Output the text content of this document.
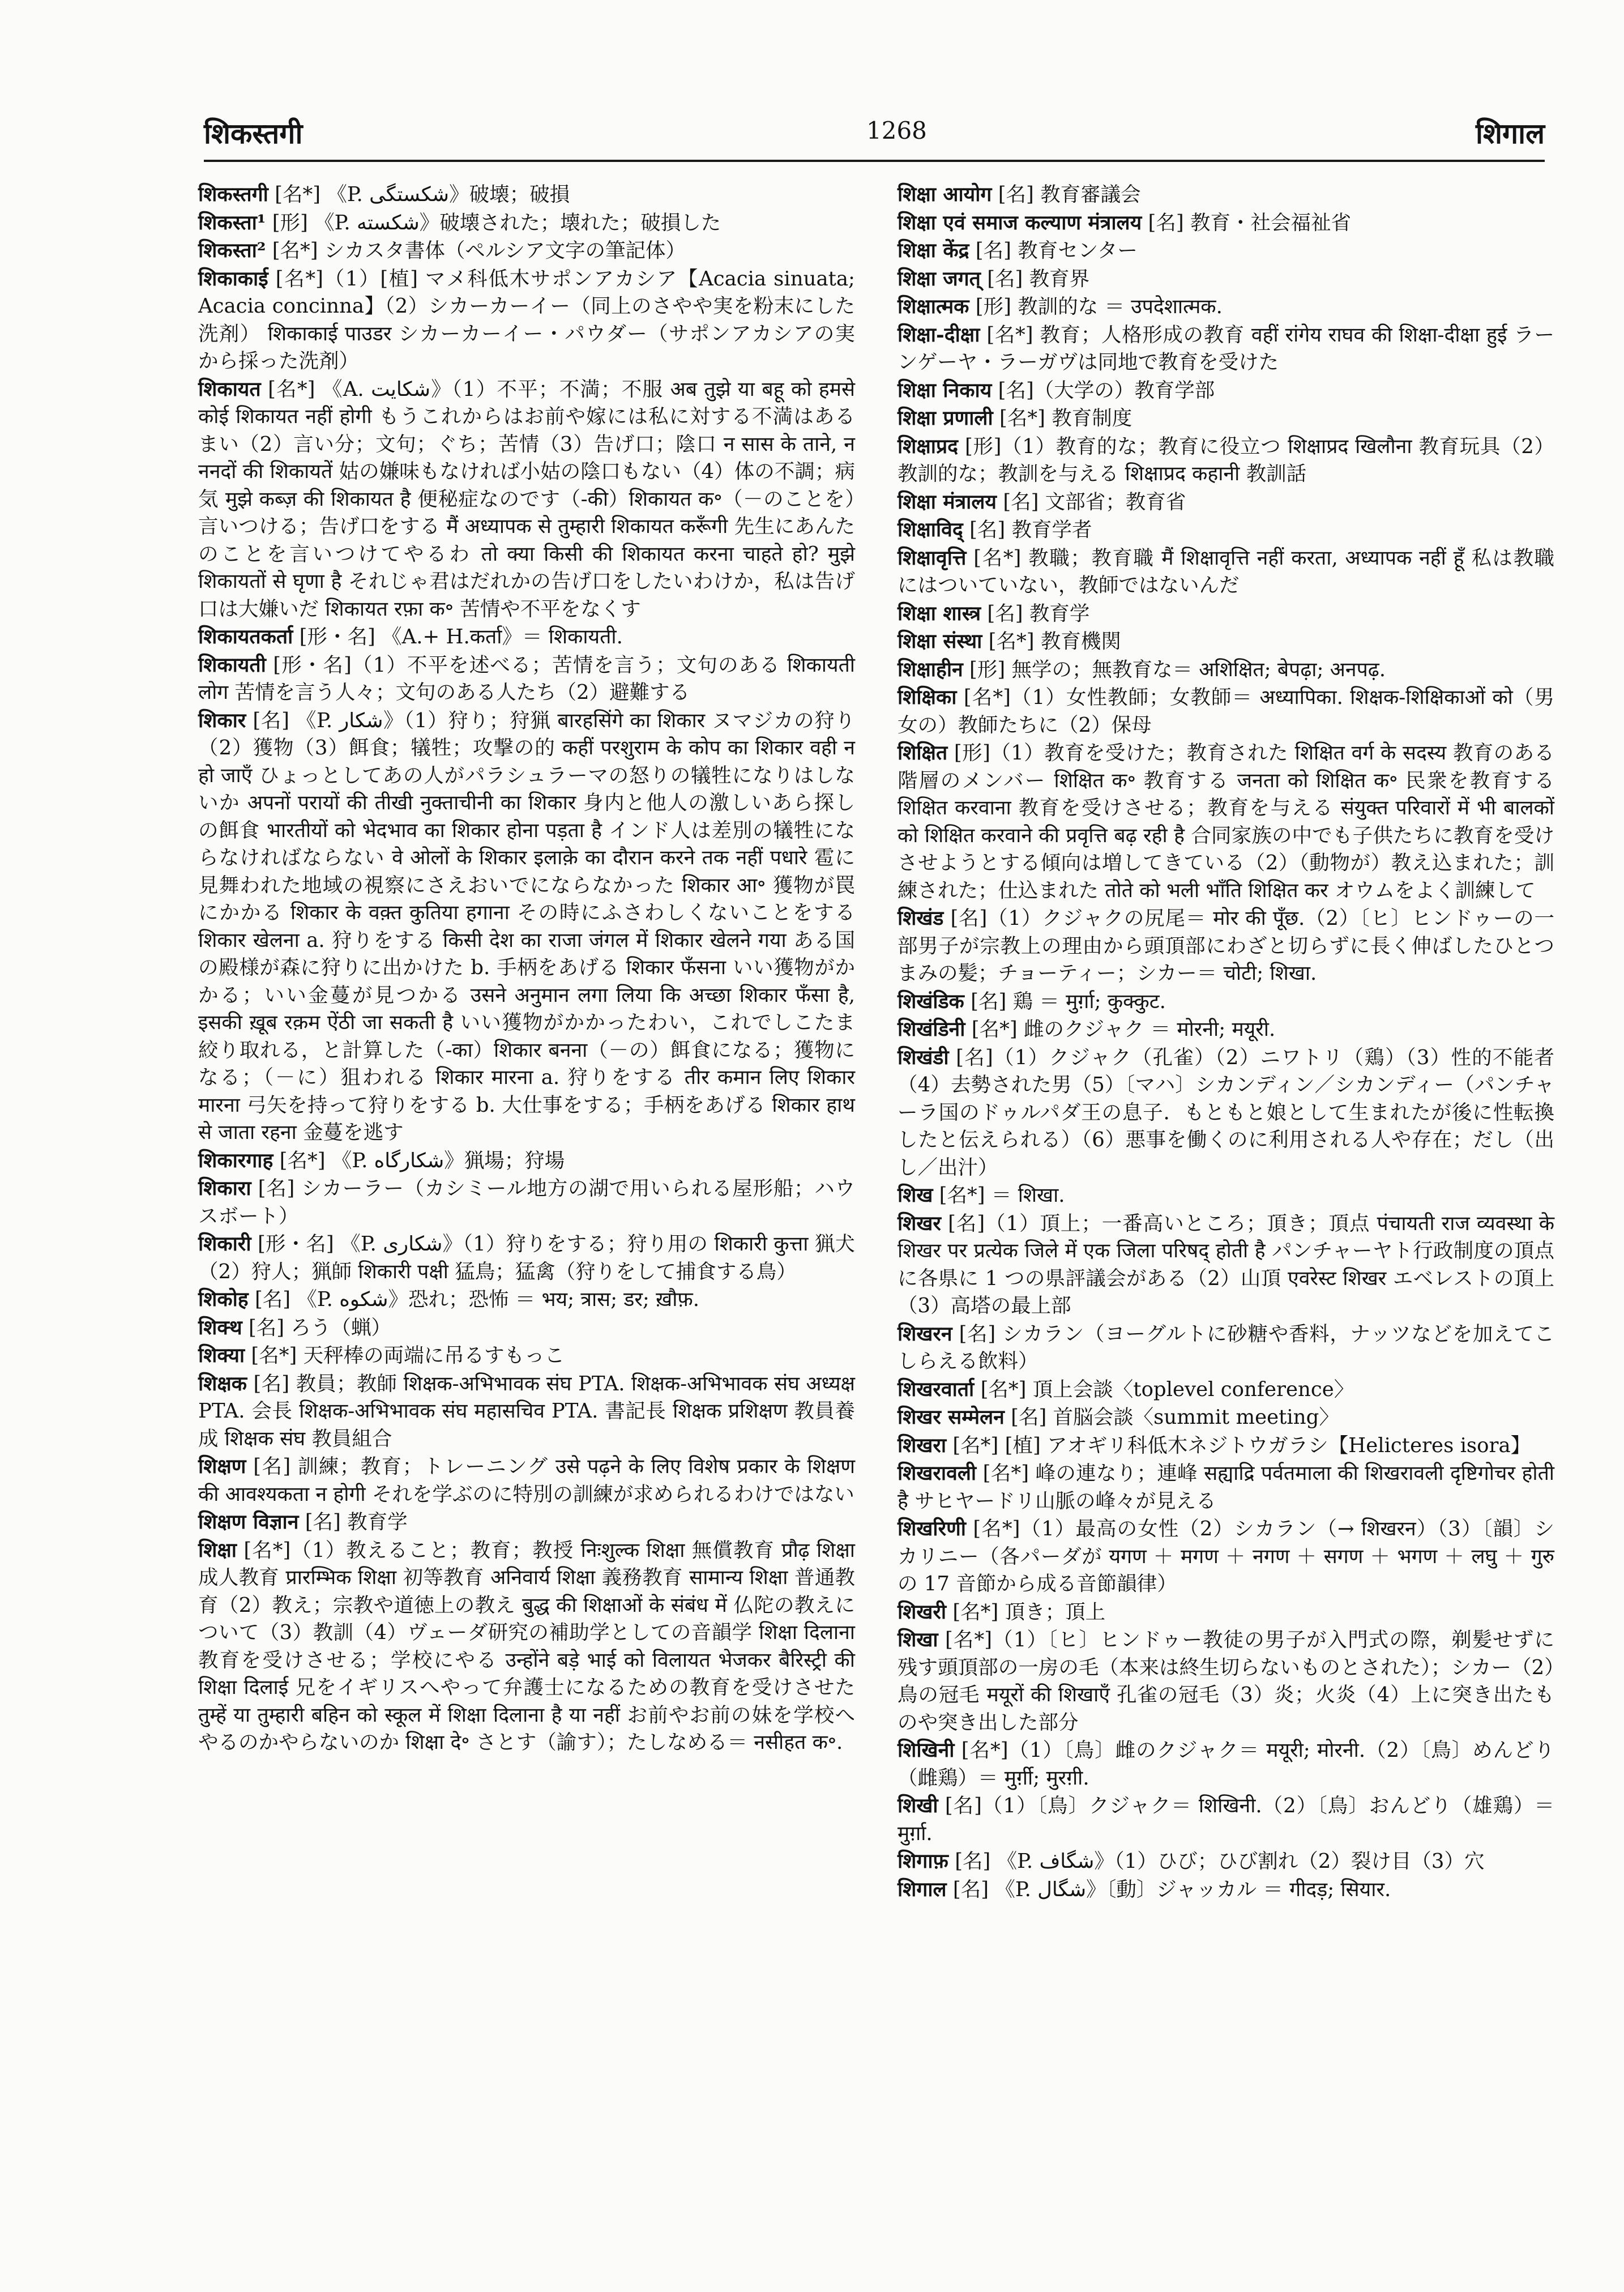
शिकस्तगी	1268	शिगाल
शिकस्तगी [名*] 《P. شکستگی》破壊；破損
शिकस्ता¹ [形] 《P. شکسته》破壊された；壊れた；破損した
शिकस्ता² [名*] シカスタ書体（ペルシア文字の筆記体）
शिकाकाई [名*]（1）[植] マメ科低木サポンアカシア【Acacia sinuata; Acacia concinna】（2）シカーカーイー（同上のさやや実を粉末にした洗剤） शिकाकाई पाउडर シカーカーイー・パウダー（サポンアカシアの実から採った洗剤）
शिकायत [名*] 《A. شکایت》（1）不平；不満；不服 अब तुझे या बहू को हमसे कोई शिकायत नहीं होगी もうこれからはお前や嫁には私に対する不満はあるまい（2）言い分；文句；ぐち；苦情（3）告げ口；陰口 न सास के ताने, न ननदों की शिकायतें 姑の嫌味もなければ小姑の陰口もない（4）体の不調；病気 मुझे कब्ज़ की शिकायत है 便秘症なのです（-की）शिकायत क॰（－のことを）言いつける；告げ口をする मैं अध्यापक से तुम्हारी शिकायत करूँगी 先生にあんたのことを言いつけてやるわ तो क्या किसी की शिकायत करना चाहते हो? मुझे शिकायतों से घृणा है それじゃ君はだれかの告げ口をしたいわけか，私は告げ口は大嫌いだ शिकायत रफ़ा क॰ 苦情や不平をなくす
शिकायतकर्ता [形・名] 《A.+ H.कर्ता》＝ शिकायती.
शिकायती [形・名]（1）不平を述べる；苦情を言う；文句のある शिकायती लोग 苦情を言う人々；文句のある人たち（2）避難する
शिकार [名] 《P. شکار》（1）狩り；狩猟 बारहसिंगे का शिकार ヌマジカの狩り（2）獲物（3）餌食；犠牲；攻撃の的 कहीं परशुराम के कोप का शिकार वही न हो जाएँ ひょっとしてあの人がパラシュラーマの怒りの犠牲になりはしないか अपनों परायों की तीखी नुक्ताचीनी का शिकार 身内と他人の激しいあら探しの餌食 भारतीयों को भेदभाव का शिकार होना पड़ता है インド人は差別の犠牲にならなければならない वे ओलों के शिकार इलाक़े का दौरान करने तक नहीं पधारे 雹に見舞われた地域の視察にさえおいでにならなかった शिकार आ॰ 獲物が罠にかかる शिकार के वक़्त कुतिया हगाना その時にふさわしくないことをする शिकार खेलना a. 狩りをする किसी देश का राजा जंगल में शिकार खेलने गया ある国の殿様が森に狩りに出かけた b. 手柄をあげる शिकार फँसना いい獲物がかかる；いい金蔓が見つかる उसने अनुमान लगा लिया कि अच्छा शिकार फँसा है, इसकी ख़ूब रक़म ऐंठी जा सकती है いい獲物がかかったわい，これでしこたま絞り取れる，と計算した（-का）शिकार बनना（－の）餌食になる；獲物になる；（－に）狙われる शिकार मारना a. 狩りをする तीर कमान लिए शिकार मारना 弓矢を持って狩りをする b. 大仕事をする；手柄をあげる शिकार हाथ से जाता रहना 金蔓を逃す
शिकारगाह [名*] 《P. شکارگاه》猟場；狩場
शिकारा [名] シカーラー（カシミール地方の湖で用いられる屋形船；ハウスボート）
शिकारी [形・名] 《P. شکاری》（1）狩りをする；狩り用の शिकारी कुत्ता 猟犬（2）狩人；猟師 शिकारी पक्षी 猛鳥；猛禽（狩りをして捕食する鳥）
शिकोह [名] 《P. شکوه》恐れ；恐怖 ＝ भय; त्रास; डर; ख़ौफ़.
शिक्थ [名] ろう（蝋）
शिक्या [名*] 天秤棒の両端に吊るすもっこ
शिक्षक [名] 教員；教師 शिक्षक-अभिभावक संघ PTA. शिक्षक-अभिभावक संघ अध्यक्ष PTA. 会長 शिक्षक-अभिभावक संघ महासचिव PTA. 書記長 शिक्षक प्रशिक्षण 教員養成 शिक्षक संघ 教員組合
शिक्षण [名] 訓練；教育；トレーニング उसे पढ़ने के लिए विशेष प्रकार के शिक्षण की आवश्यकता न होगी それを学ぶのに特別の訓練が求められるわけではない
शिक्षण विज्ञान [名] 教育学
शिक्षा [名*]（1）教えること；教育；教授 निःशुल्क शिक्षा 無償教育 प्रौढ़ शिक्षा 成人教育 प्रारम्भिक शिक्षा 初等教育 अनिवार्य शिक्षा 義務教育 सामान्य शिक्षा 普通教育（2）教え；宗教や道徳上の教え बुद्ध की शिक्षाओं के संबंध में 仏陀の教えについて（3）教訓（4）ヴェーダ研究の補助学としての音韻学 शिक्षा दिलाना 教育を受けさせる；学校にやる उन्होंने बड़े भाई को विलायत भेजकर बैरिस्ट्री की शिक्षा दिलाई 兄をイギリスへやって弁護士になるための教育を受けさせた तुम्हें या तुम्हारी बहिन को स्कूल में शिक्षा दिलाना है या नहीं お前やお前の妹を学校へやるのかやらないのか शिक्षा दे॰ さとす（諭す）；たしなめる＝ नसीहत क॰.
शिक्षा आयोग [名] 教育審議会
शिक्षा एवं समाज कल्याण मंत्रालय [名] 教育・社会福祉省
शिक्षा केंद्र [名] 教育センター
शिक्षा जगत् [名] 教育界
शिक्षात्मक [形] 教訓的な ＝ उपदेशात्मक.
शिक्षा-दीक्षा [名*] 教育；人格形成の教育 वहीं रांगेय राघव की शिक्षा-दीक्षा हुई ラーンゲーヤ・ラーガヴは同地で教育を受けた
शिक्षा निकाय [名]（大学の）教育学部
शिक्षा प्रणाली [名*] 教育制度
शिक्षाप्रद [形]（1）教育的な；教育に役立つ शिक्षाप्रद खिलौना 教育玩具（2）教訓的な；教訓を与える शिक्षाप्रद कहानी 教訓話
शिक्षा मंत्रालय [名] 文部省；教育省
शिक्षाविद् [名] 教育学者
शिक्षावृत्ति [名*] 教職；教育職 मैं शिक्षावृत्ति नहीं करता, अध्यापक नहीं हूँ 私は教職にはついていない，教師ではないんだ
शिक्षा शास्त्र [名] 教育学
शिक्षा संस्था [名*] 教育機関
शिक्षाहीन [形] 無学の；無教育な＝ अशिक्षित; बेपढ़ा; अनपढ़.
शिक्षिका [名*]（1）女性教師；女教師＝ अध्यापिका. शिक्षक-शिक्षिकाओं को（男女の）教師たちに（2）保母
शिक्षित [形]（1）教育を受けた；教育された शिक्षित वर्ग के सदस्य 教育のある階層のメンバー शिक्षित क॰ 教育する जनता को शिक्षित क॰ 民衆を教育する शिक्षित करवाना 教育を受けさせる；教育を与える संयुक्त परिवारों में भी बालकों को शिक्षित करवाने की प्रवृत्ति बढ़ रही है 合同家族の中でも子供たちに教育を受けさせようとする傾向は増してきている（2）（動物が）教え込まれた；訓練された；仕込まれた तोते को भली भाँति शिक्षित कर オウムをよく訓練して
शिखंड [名]（1）クジャクの尻尾＝ मोर की पूँछ.（2）〔ヒ〕ヒンドゥーの一部男子が宗教上の理由から頭頂部にわざと切らずに長く伸ばしたひとつまみの髪；チョーティー；シカー＝ चोटी; शिखा.
शिखंडिक [名] 鶏 ＝ मुर्ग़ा; कुक्कुट.
शिखंडिनी [名*] 雌のクジャク ＝ मोरनी; मयूरी.
शिखंडी [名]（1）クジャク（孔雀）（2）ニワトリ（鶏）（3）性的不能者（4）去勢された男（5）〔マハ〕シカンディン／シカンディー（パンチャーラ国のドゥルパダ王の息子．もともと娘として生まれたが後に性転換したと伝えられる）（6）悪事を働くのに利用される人や存在；だし（出し／出汁）
शिख [名*] ＝ शिखा.
शिखर [名]（1）頂上；一番高いところ；頂き；頂点 पंचायती राज व्यवस्था के शिखर पर प्रत्येक जिले में एक जिला परिषद् होती है パンチャーヤト行政制度の頂点に各県に 1 つの県評議会がある（2）山頂 एवरेस्ट शिखर エベレストの頂上（3）高塔の最上部
शिखरन [名] シカラン（ヨーグルトに砂糖や香料，ナッツなどを加えてこしらえる飲料）
शिखरवार्ता [名*] 頂上会談〈toplevel conference〉
शिखर सम्मेलन [名] 首脳会談〈summit meeting〉
शिखरा [名*] [植] アオギリ科低木ネジトウガラシ【Helicteres isora】
शिखरावली [名*] 峰の連なり；連峰 सह्याद्रि पर्वतमाला की शिखरावली दृष्टिगोचर होती है サヒヤードリ山脈の峰々が見える
शिखरिणी [名*]（1）最高の女性（2）シカラン（→ शिखरन）（3）〔韻〕シカリニー（各パーダが यगण ＋ मगण ＋ नगण ＋ सगण ＋ भगण ＋ लघु ＋ गुरु の 17 音節から成る音節韻律）
शिखरी [名*] 頂き；頂上
शिखा [名*]（1）〔ヒ〕ヒンドゥー教徒の男子が入門式の際，剃髪せずに残す頭頂部の一房の毛（本来は終生切らないものとされた）；シカー（2）鳥の冠毛 मयूरों की शिखाएँ 孔雀の冠毛（3）炎；火炎（4）上に突き出たものや突き出した部分
शिखिनी [名*]（1）〔鳥〕雌のクジャク＝ मयूरी; मोरनी.（2）〔鳥〕めんどり（雌鶏）＝ मुर्ग़ी; मुरग़ी.
शिखी [名]（1）〔鳥〕クジャク＝ शिखिनी.（2）〔鳥〕おんどり（雄鶏）＝ मुर्ग़ा.
शिगाफ़ [名] 《P. شگاف》（1）ひび；ひび割れ（2）裂け目（3）穴
शिगाल [名] 《P. شگال》〔動〕ジャッカル ＝ गीदड़; सियार.
